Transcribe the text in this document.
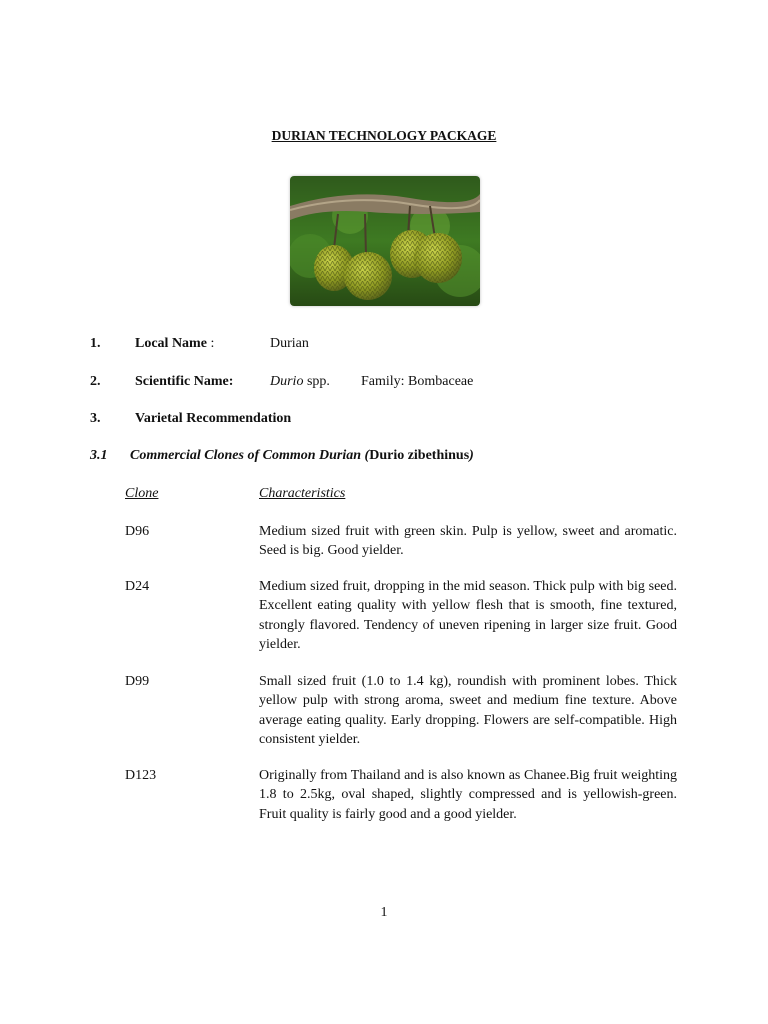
DURIAN TECHNOLOGY PACKAGE
1. Local Name :	Durian
2. Scientific Name:	Durio spp. Family: Bombaceae
3. Varietal Recommendation
3.1 Commercial Clones of Common Durian (Durio zibethinus)
Clone	Characteristics
D96	Medium sized fruit with green skin. Pulp is yellow, sweet and aromatic. Seed is big. Good yielder.
D24	Medium sized fruit, dropping in the mid season. Thick pulp with big seed. Excellent eating quality with yellow flesh that is smooth, fine textured, strongly flavored. Tendency of uneven ripening in larger size fruit. Good yielder.
D99	Small sized fruit (1.0 to 1.4 kg), roundish with prominent lobes. Thick yellow pulp with strong aroma, sweet and medium fine texture. Above average eating quality. Early dropping. Flowers are self-compatible. High consistent yielder.
D123	Originally from Thailand and is also known as Chanee.Big fruit weighting 1.8 to 2.5kg, oval shaped, slightly compressed and is yellowish-green. Fruit quality is fairly good and a good yielder.
1
